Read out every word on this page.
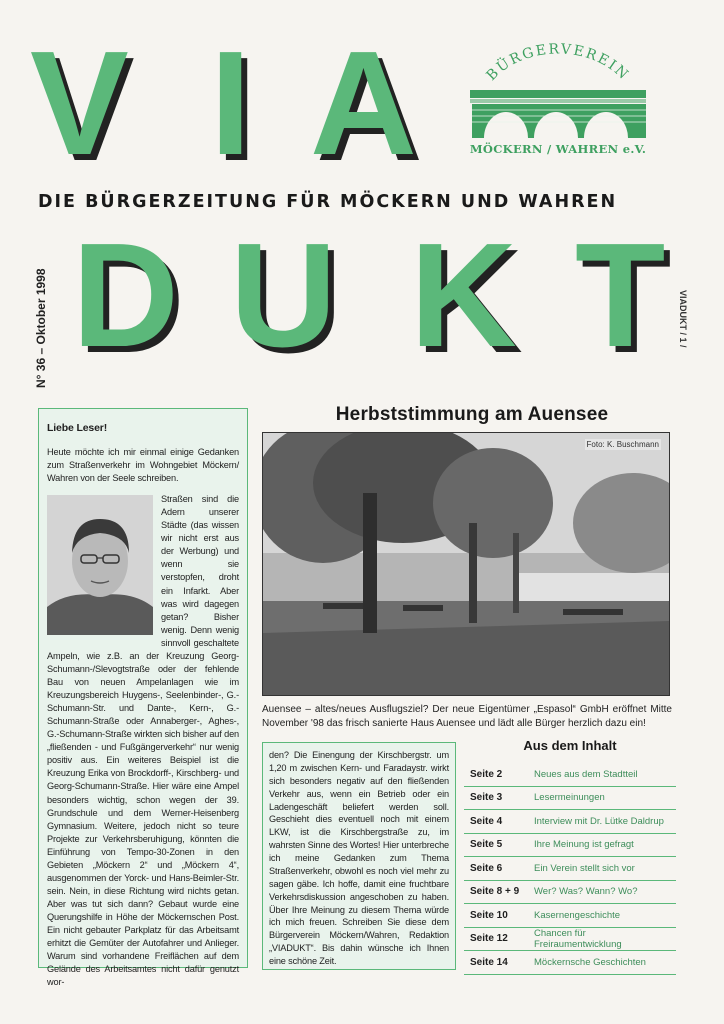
V I A	BÜRGERVEREIN
MÖCKERN / WAHREN e.V.
DIE BÜRGERZEITUNG FÜR MÖCKERN UND WAHREN
D U K T
N° 36 – Oktober 1998	VIADUKT / 1 /
Liebe Leser!

Heute möchte ich mir einmal einige Gedanken zum Straßenverkehr im Wohngebiet Möckern/ Wahren von der Seele schreiben.

Straßen sind die Adern unserer Städte (das wissen wir nicht erst aus der Werbung) und wenn sie verstopfen, droht ein Infarkt. Aber was wird dagegen getan? Bisher wenig. Denn wenig sinnvoll geschaltete Ampeln, wie z.B. an der Kreuzung Georg-Schumann-/Slevogtstraße oder der fehlende Bau von neuen Ampelanlagen wie im Kreuzungsbereich Huygens-, Seelenbinder-, G.-Schumann-Str. und Dante-, Kern-, G.-Schumann-Straße oder Annaberger-, Aghes-, G.-Schumann-Straße wirkten sich bisher auf den „fließenden - und Fußgängerverkehr“ nur wenig positiv aus. Ein weiteres Beispiel ist die Kreuzung Erika von Brockdorff-, Kirschberg- und Georg-Schumann-Straße. Hier wäre eine Ampel besonders wichtig, schon wegen der 39. Grundschule und dem Werner-Heisenberg Gymnasium. Weitere, jedoch nicht so teure Projekte zur Verkehrsberuhigung, könnten die Einführung von Tempo-30-Zonen in den Gebieten „Möckern 2“ und „Möckern 4“, ausgenommen der Yorck- und Hans-Beimler-Str. sein. Nein, in diese Richtung wird nichts getan. Aber was tut sich dann? Gebaut wurde eine Querungshilfe in Höhe der Möckernschen Post. Ein nicht gebauter Parkplatz für das Arbeitsamt erhitzt die Gemüter der Autofahrer und Anlieger. Warum sind vorhandene Freiflächen auf dem Gelände des Arbeitsamtes nicht dafür genutzt wor-

Herbststimmung am Auensee
Foto: K. Buschmann
Auensee – altes/neues Ausflugsziel? Der neue Eigentümer „Espasol“ GmbH eröffnet Mitte November '98 das frisch sanierte Haus Auensee und lädt alle Bürger herzlich dazu ein!
den? Die Einengung der Kirschbergstr. um 1,20 m zwischen Kern- und Faradaystr. wirkt sich besonders negativ auf den fließenden Verkehr aus, wenn ein Betrieb oder ein Ladengeschäft beliefert werden soll. Geschieht dies eventuell noch mit einem LKW, ist die Kirschbergstraße zu, im wahrsten Sinne des Wortes! Hier unterbreche ich meine Gedanken zum Thema Straßenverkehr, obwohl es noch viel mehr zu sagen gäbe. Ich hoffe, damit eine fruchtbare Verkehrsdiskussion angeschoben zu haben. Über Ihre Meinung zu diesem Thema würde ich mich freuen. Schreiben Sie diese dem Bürgerverein Möckern/Wahren, Redaktion „VIADUKT“. Bis dahin wünsche ich Ihnen eine schöne Zeit.
Aus dem Inhalt
Seite 2	Neues aus dem Stadtteil
Seite 3	Lesermeinungen
Seite 4	Interview mit Dr. Lütke Daldrup
Seite 5	Ihre Meinung ist gefragt
Seite 6	Ein Verein stellt sich vor
Seite 8 + 9	Wer? Was? Wann? Wo?
Seite 10	Kasernengeschichte
Seite 12	Chancen für Freiraumentwicklung
Seite 14	Möckernsche Geschichten
